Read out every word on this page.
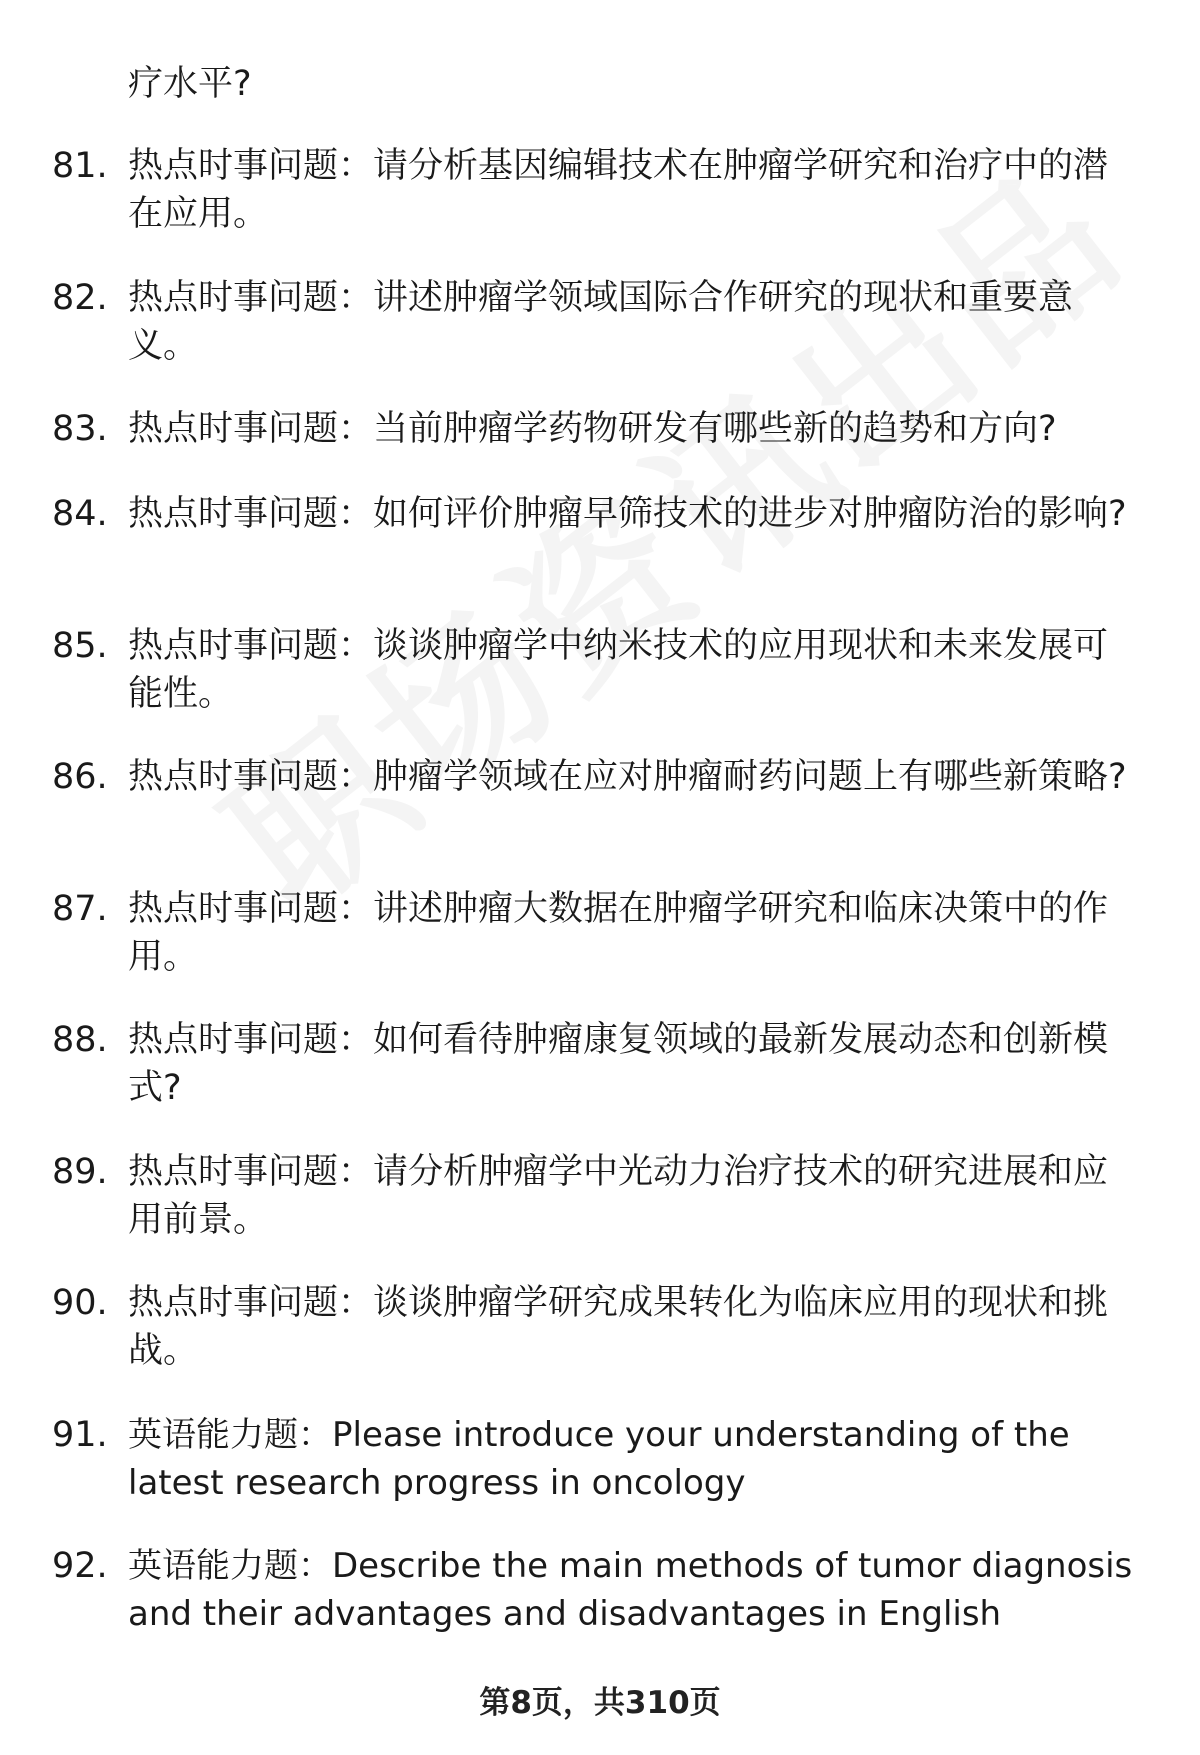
疗水平?
81. 热点时事问题：请分析基因编辑技术在肿瘤学研究和治疗中的潜在应用。
82. 热点时事问题：讲述肿瘤学领域国际合作研究的现状和重要意义。
83. 热点时事问题：当前肿瘤学药物研发有哪些新的趋势和方向?
84. 热点时事问题：如何评价肿瘤早筛技术的进步对肿瘤防治的影响?
85. 热点时事问题：谈谈肿瘤学中纳米技术的应用现状和未来发展可能性。
86. 热点时事问题：肿瘤学领域在应对肿瘤耐药问题上有哪些新策略?
87. 热点时事问题：讲述肿瘤大数据在肿瘤学研究和临床决策中的作用。
88. 热点时事问题：如何看待肿瘤康复领域的最新发展动态和创新模式?
89. 热点时事问题：请分析肿瘤学中光动力治疗技术的研究进展和应用前景。
90. 热点时事问题：谈谈肿瘤学研究成果转化为临床应用的现状和挑战。
91. 英语能力题：Please introduce your understanding of the latest research progress in oncology
92. 英语能力题：Describe the main methods of tumor diagnosis and their advantages and disadvantages in English
第8页，共310页
